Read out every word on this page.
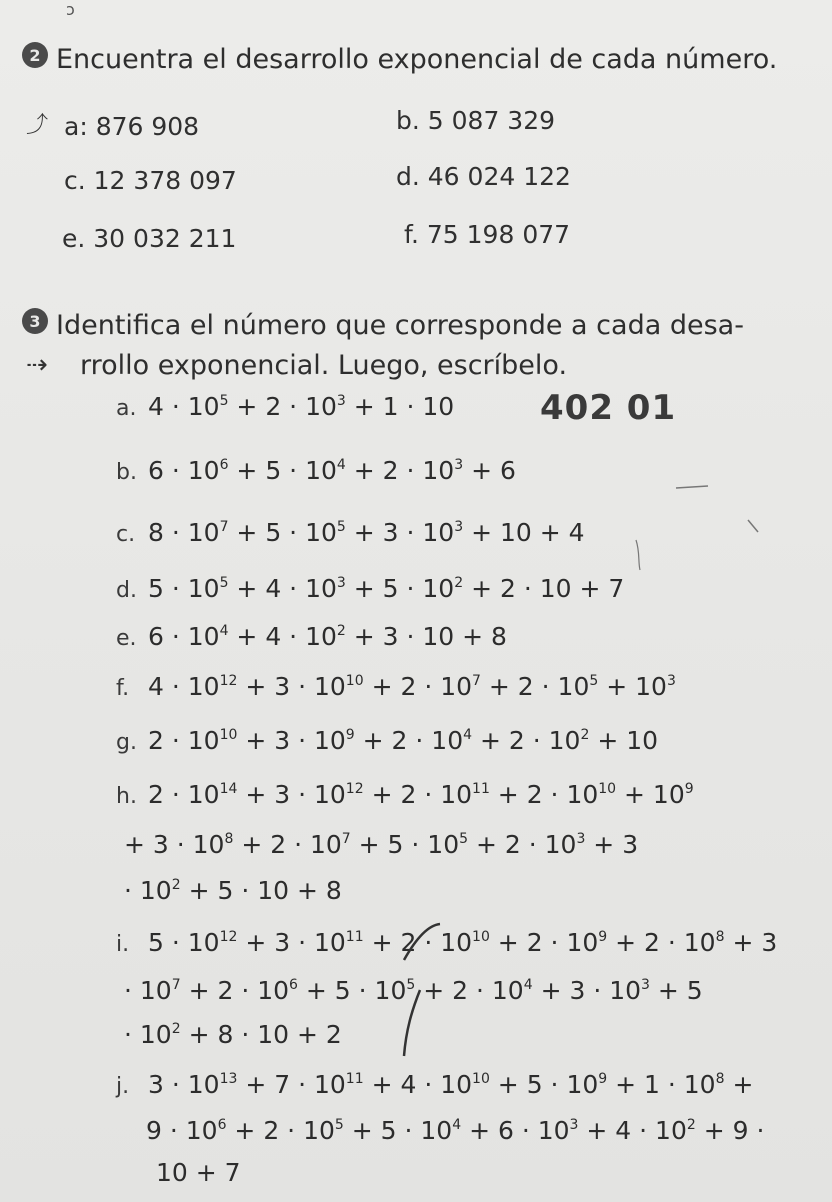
ͻ
2 Encuentra el desarrollo exponencial de cada número.
⤴ a: 876 908	b. 5 087 329
c. 12 378 097	d. 46 024 122
e. 30 032 211	f. 75 198 077
3 Identifica el número que corresponde a cada desa-
rrollo exponencial. Luego, escríbelo.
⇢
402 01
a. $4 \cdot 10^5 + 2 \cdot 10^3 + 1 \cdot 10$
b. $6 \cdot 10^6 + 5 \cdot 10^4 + 2 \cdot 10^3 + 6$
c. $8 \cdot 10^7 + 5 \cdot 10^5 + 3 \cdot 10^3 + 10 + 4$
d. $5 \cdot 10^5 + 4 \cdot 10^3 + 5 \cdot 10^2 + 2 \cdot 10 + 7$
e. $6 \cdot 10^4 + 4 \cdot 10^2 + 3 \cdot 10 + 8$
f. $4 \cdot 10^{12} + 3 \cdot 10^{10} + 2 \cdot 10^7 + 2 \cdot 10^5 + 10^3$
g. $2 \cdot 10^{10} + 3 \cdot 10^9 + 2 \cdot 10^4 + 2 \cdot 10^2 + 10$
h. $2 \cdot 10^{14} + 3 \cdot 10^{12} + 2 \cdot 10^{11} + 2 \cdot 10^{10} + 10^9$
+ $3 \cdot 10^8 + 2 \cdot 10^7 + 5 \cdot 10^5 + 2 \cdot 10^3 + 3$
· $10^2 + 5 \cdot 10 + 8$
i. $5 \cdot 10^{12} + 3 \cdot 10^{11} + 2 \cdot 10^{10} + 2 \cdot 10^9 + 2 \cdot 10^8 + 3$
· $10^7 + 2 \cdot 10^6 + 5 \cdot 10^5 + 2 \cdot 10^4 + 3 \cdot 10^3 + 5$
· $10^2 + 8 \cdot 10 + 2$
j. $3 \cdot 10^{13} + 7 \cdot 10^{11} + 4 \cdot 10^{10} + 5 \cdot 10^9 + 1 \cdot 10^8$ +
$9 \cdot 10^6 + 2 \cdot 10^5 + 5 \cdot 10^4 + 6 \cdot 10^3 + 4 \cdot 10^2 + 9$ ·
10 + 7
